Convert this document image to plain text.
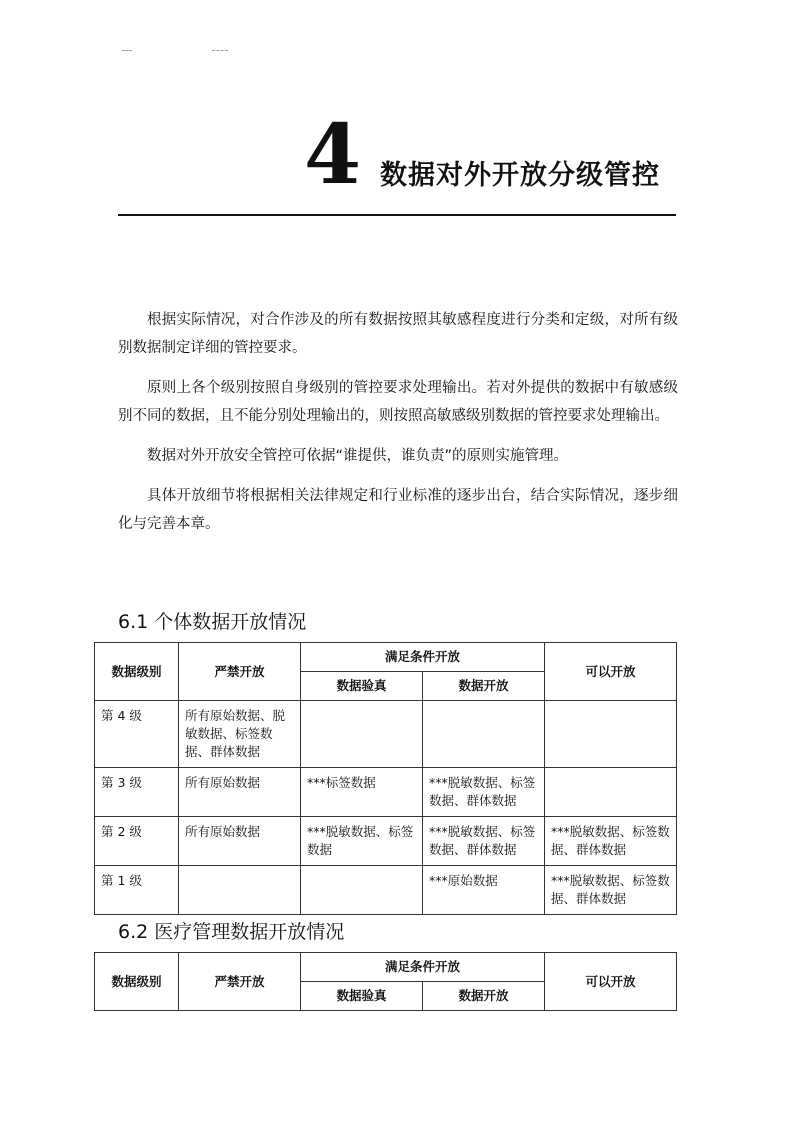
4 数据对外开放分级管控

根据实际情况，对合作涉及的所有数据按照其敏感程度进行分类和定级，对所有级别数据制定详细的管控要求。

原则上各个级别按照自身级别的管控要求处理输出。若对外提供的数据中有敏感级别不同的数据，且不能分别处理输出的，则按照高敏感级别数据的管控要求处理输出。

数据对外开放安全管控可依据“谁提供，谁负责”的原则实施管理。

具体开放细节将根据相关法律规定和行业标准的逐步出台，结合实际情况，逐步细化与完善本章。

6.1 个体数据开放情况
数据级别	严禁开放	满足条件开放		可以开放
		数据验真	数据开放	
第 4 级	所有原始数据、脱敏数据、标签数据、群体数据			
第 3 级	所有原始数据	***标签数据	***脱敏数据、标签数据、群体数据	
第 2 级	所有原始数据	***脱敏数据、标签数据	***脱敏数据、标签数据、群体数据	***脱敏数据、标签数据、群体数据
第 1 级			***原始数据	***脱敏数据、标签数据、群体数据
6.2 医疗管理数据开放情况
数据级别	严禁开放	满足条件开放		可以开放
		数据验真	数据开放	
